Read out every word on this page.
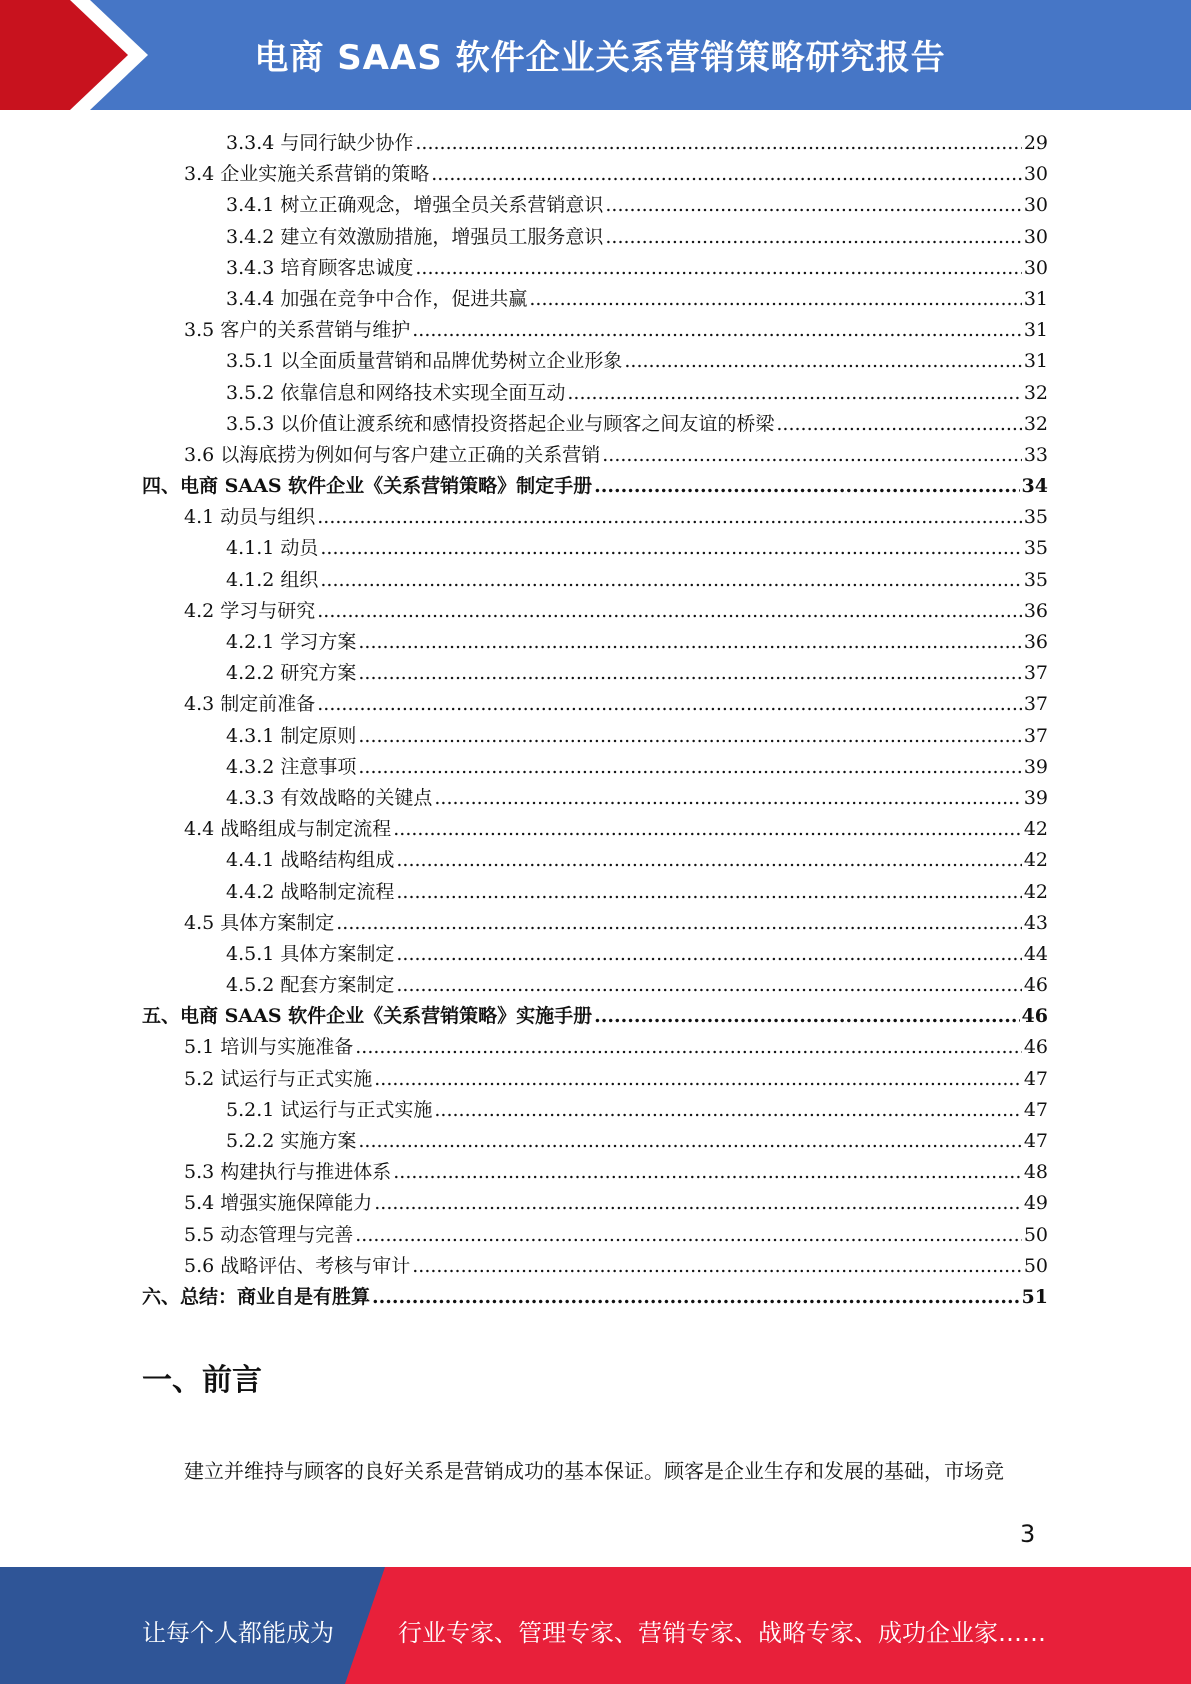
电商 SAAS 软件企业关系营销策略研究报告
3.3.4 与同行缺少协作 .....	29
3.4 企业实施关系营销的策略 .....	30
3.4.1 树立正确观念，增强全员关系营销意识 .....	30
3.4.2 建立有效激励措施，增强员工服务意识 .....	30
3.4.3 培育顾客忠诚度 .....	30
3.4.4 加强在竞争中合作，促进共赢 .....	31
3.5 客户的关系营销与维护 .....	31
3.5.1 以全面质量营销和品牌优势树立企业形象 .....	31
3.5.2 依靠信息和网络技术实现全面互动 .....	32
3.5.3 以价值让渡系统和感情投资搭起企业与顾客之间友谊的桥梁 .....	32
3.6 以海底捞为例如何与客户建立正确的关系营销 .....	33
四、电商 SAAS 软件企业《关系营销策略》制定手册 .....	34
4.1 动员与组织 .....	35
4.1.1 动员 .....	35
4.1.2 组织 .....	35
4.2 学习与研究 .....	36
4.2.1 学习方案 .....	36
4.2.2 研究方案 .....	37
4.3 制定前准备 .....	37
4.3.1 制定原则 .....	37
4.3.2 注意事项 .....	39
4.3.3 有效战略的关键点 .....	39
4.4 战略组成与制定流程 .....	42
4.4.1 战略结构组成 .....	42
4.4.2 战略制定流程 .....	42
4.5 具体方案制定 .....	43
4.5.1 具体方案制定 .....	44
4.5.2 配套方案制定 .....	46
五、电商 SAAS 软件企业《关系营销策略》实施手册 .....	46
5.1 培训与实施准备 .....	46
5.2 试运行与正式实施 .....	47
5.2.1 试运行与正式实施 .....	47
5.2.2 实施方案 .....	47
5.3 构建执行与推进体系 .....	48
5.4 增强实施保障能力 .....	49
5.5 动态管理与完善 .....	50
5.6 战略评估、考核与审计 .....	50
六、总结：商业自是有胜算 .....	51
一、前言
建立并维持与顾客的良好关系是营销成功的基本保证。顾客是企业生存和发展的基础，市场竞
3
让每个人都能成为	行业专家、管理专家、营销专家、战略专家、成功企业家……
